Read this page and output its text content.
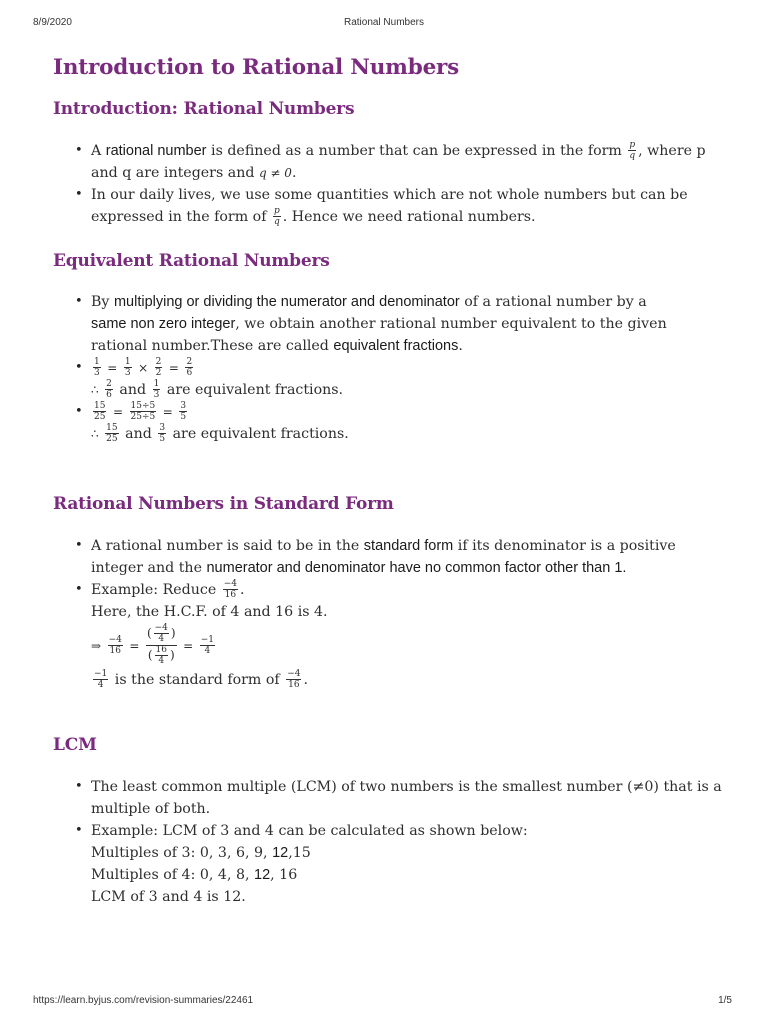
8/9/2020	Rational Numbers
Introduction to Rational Numbers
Introduction: Rational Numbers

• A rational number is defined as a number that can be expressed in the form $\frac{p}{q}$ , where p

and q are integers and q ≠ 0.

• In our daily lives, we use some quantities which are not whole numbers but can be

expressed in the form of $\frac{p}{q}$ . Hence we need rational numbers.

Equivalent Rational Numbers

• By multiplying or dividing the numerator and denominator of a rational number by a

same non zero integer, we obtain another rational number equivalent to the given

rational number.These are called equivalent fractions.

• $\frac{1}{3} = \frac{1}{3} \times \frac{2}{2} = \frac{2}{6}$

∴ $\frac{2}{6}$ and $\frac{1}{3}$ are equivalent fractions.

• $\frac{15}{25} = \frac{15\div 5}{25\div 5} = \frac{3}{5}$

∴ $\frac{15}{25}$ and $\frac{3}{5}$ are equivalent fractions.

Rational Numbers in Standard Form

• A rational number is said to be in the standard form if its denominator is a positive

integer and the numerator and denominator have no common factor other than 1.

• Example: Reduce $\frac{-4}{16}$ .

Here, the H.C.F. of 4 and 16 is 4.

⇒ $\frac{-4}{16} = \frac{( \frac{-4}{4} )}{( \frac{16}{4} )} = \frac{-1}{4}$

$\frac{-1}{4}$ is the standard form of $\frac{-4}{16}$ .

LCM

• The least common multiple (LCM) of two numbers is the smallest number (≠0) that is a

multiple of both.

• Example: LCM of 3 and 4 can be calculated as shown below:

Multiples of 3: 0, 3, 6, 9, 12,15

Multiples of 4: 0, 4, 8, 12, 16

LCM of 3 and 4 is 12.

https://learn.byjus.com/revision-summaries/22461	1/5
